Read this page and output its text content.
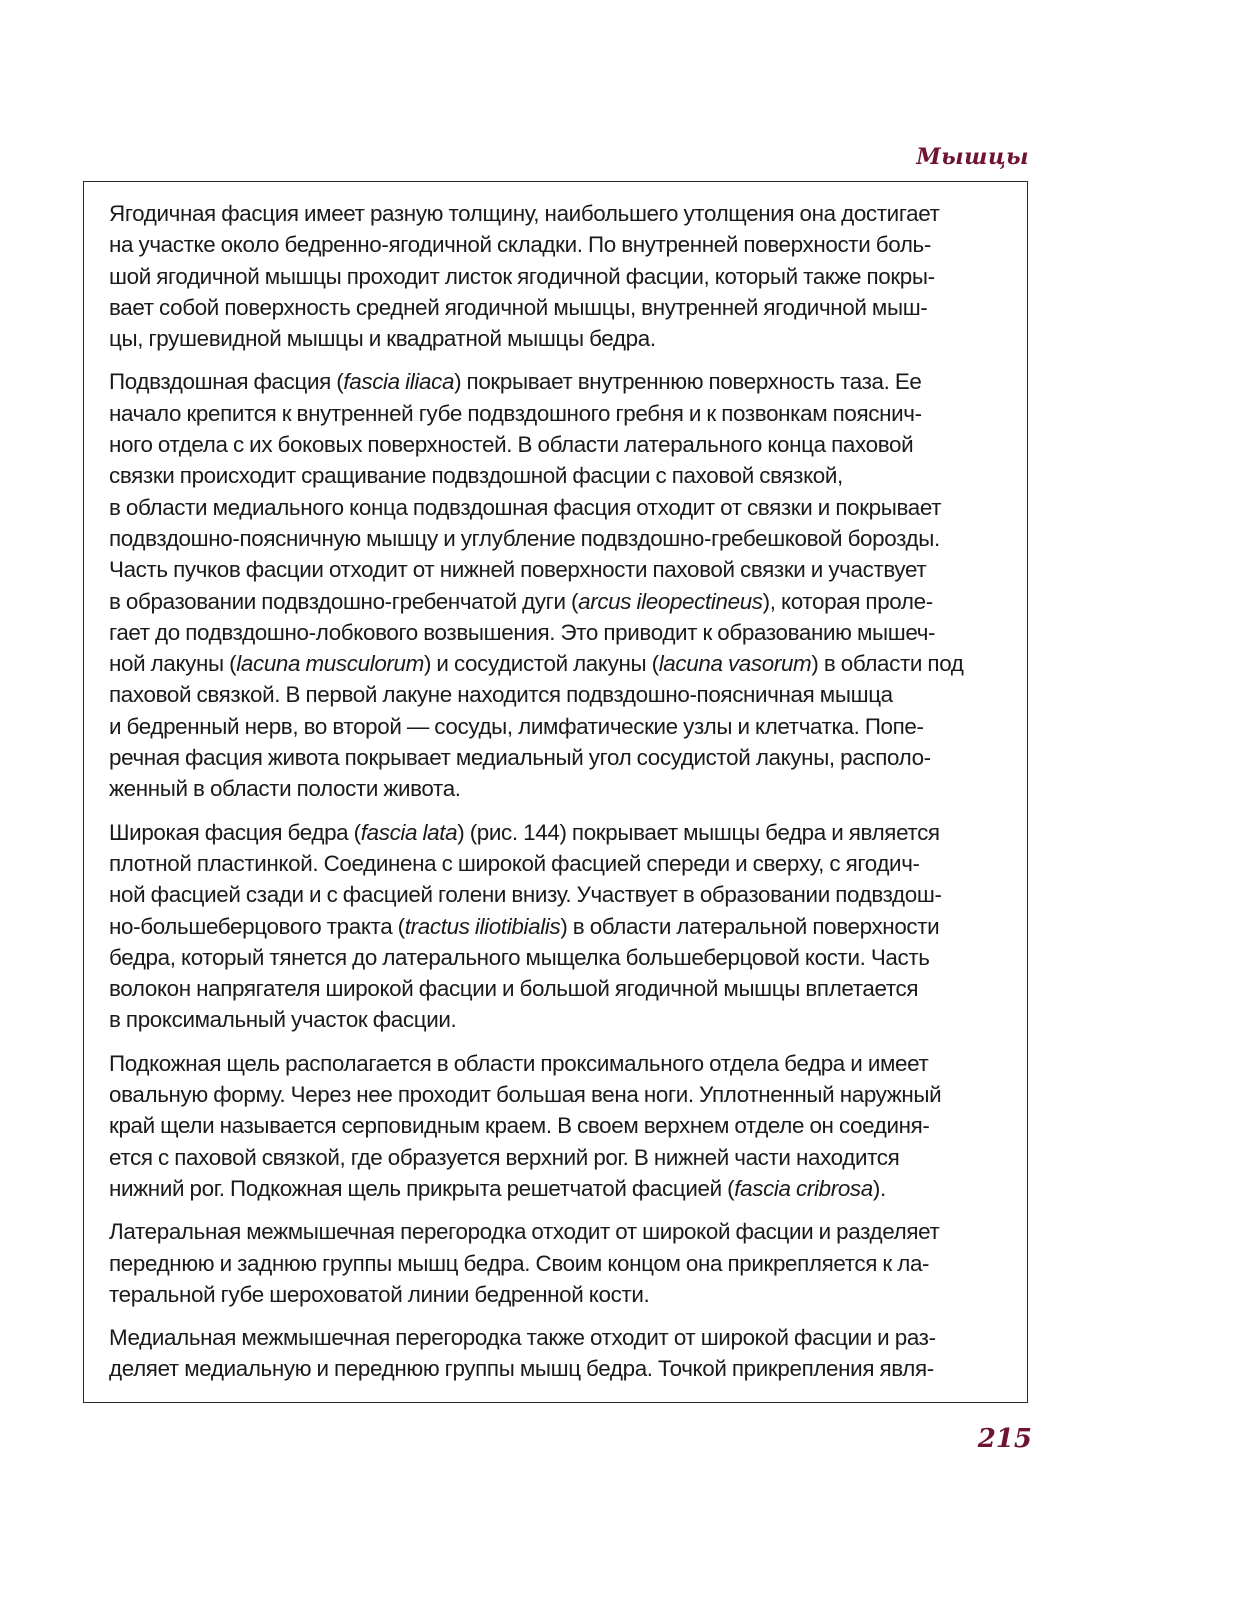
Мышцы

Ягодичная фасция имеет разную толщину, наибольшего утолщения она достигает
на участке около бедренно-ягодичной складки. По внутренней поверхности боль-
шой ягодичной мышцы проходит листок ягодичной фасции, который также покры-
вает собой поверхность средней ягодичной мышцы, внутренней ягодичной мыш-
цы, грушевидной мышцы и квадратной мышцы бедра.

Подвздошная фасция (fascia iliaca) покрывает внутреннюю поверхность таза. Ее
начало крепится к внутренней губе подвздошного гребня и к позвонкам пояснич-
ного отдела с их боковых поверхностей. В области латерального конца паховой
связки происходит сращивание подвздошной фасции с паховой связкой,
в области медиального конца подвздошная фасция отходит от связки и покрывает
подвздошно-поясничную мышцу и углубление подвздошно-гребешковой борозды.
Часть пучков фасции отходит от нижней поверхности паховой связки и участвует
в образовании подвздошно-гребенчатой дуги (arcus ileopectineus), которая проле-
гает до подвздошно-лобкового возвышения. Это приводит к образованию мышеч-
ной лакуны (lacuna musculorum) и сосудистой лакуны (lacuna vasorum) в области под
паховой связкой. В первой лакуне находится подвздошно-поясничная мышца
и бедренный нерв, во второй — сосуды, лимфатические узлы и клетчатка. Попе-
речная фасция живота покрывает медиальный угол сосудистой лакуны, располо-
женный в области полости живота.

Широкая фасция бедра (fascia lata) (рис. 144) покрывает мышцы бедра и является
плотной пластинкой. Соединена с широкой фасцией спереди и сверху, с ягодич-
ной фасцией сзади и с фасцией голени внизу. Участвует в образовании подвздош-
но-большеберцового тракта (tractus iliotibialis) в области латеральной поверхности
бедра, который тянется до латерального мыщелка большеберцовой кости. Часть
волокон напрягателя широкой фасции и большой ягодичной мышцы вплетается
в проксимальный участок фасции.

Подкожная щель располагается в области проксимального отдела бедра и имеет
овальную форму. Через нее проходит большая вена ноги. Уплотненный наружный
край щели называется серповидным краем. В своем верхнем отделе он соединя-
ется с паховой связкой, где образуется верхний рог. В нижней части находится
нижний рог. Подкожная щель прикрыта решетчатой фасцией (fascia cribrosa).

Латеральная межмышечная перегородка отходит от широкой фасции и разделяет
переднюю и заднюю группы мышц бедра. Своим концом она прикрепляется к ла-
теральной губе шероховатой линии бедренной кости.

Медиальная межмышечная перегородка также отходит от широкой фасции и раз-
деляет медиальную и переднюю группы мышц бедра. Точкой прикрепления явля-

215
